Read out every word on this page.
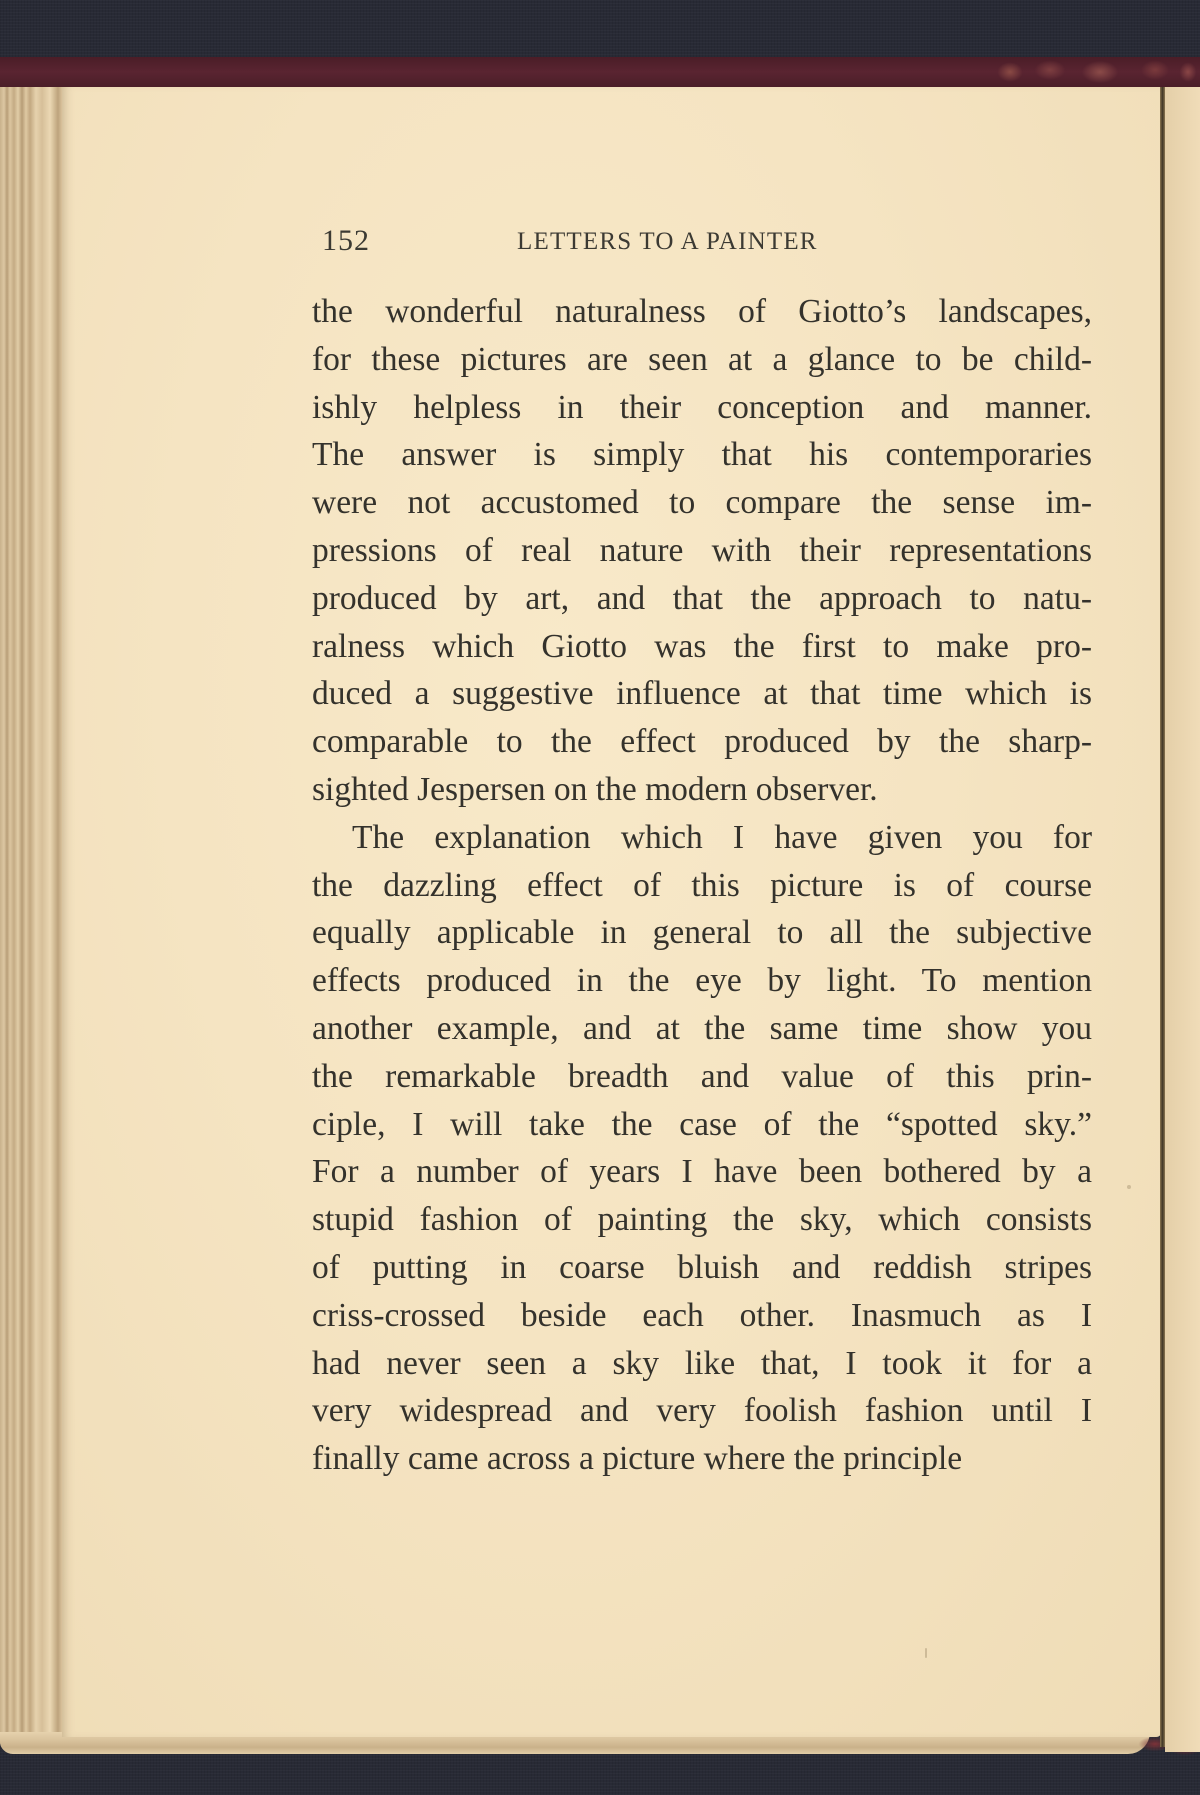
152	LETTERS TO A PAINTER
the wonderful naturalness of Giotto’s landscapes,
for these pictures are seen at a glance to be child-
ishly helpless in their conception and manner.
The answer is simply that his contemporaries
were not accustomed to compare the sense im-
pressions of real nature with their representations
produced by art, and that the approach to natu-
ralness which Giotto was the first to make pro-
duced a suggestive influence at that time which is
comparable to the effect produced by the sharp-
sighted Jespersen on the modern observer.
The explanation which I have given you for
the dazzling effect of this picture is of course
equally applicable in general to all the subjective
effects produced in the eye by light. To mention
another example, and at the same time show you
the remarkable breadth and value of this prin-
ciple, I will take the case of the “spotted sky.”
For a number of years I have been bothered by a
stupid fashion of painting the sky, which consists
of putting in coarse bluish and reddish stripes
criss-crossed beside each other. Inasmuch as I
had never seen a sky like that, I took it for a
very widespread and very foolish fashion until I
finally came across a picture where the principle
